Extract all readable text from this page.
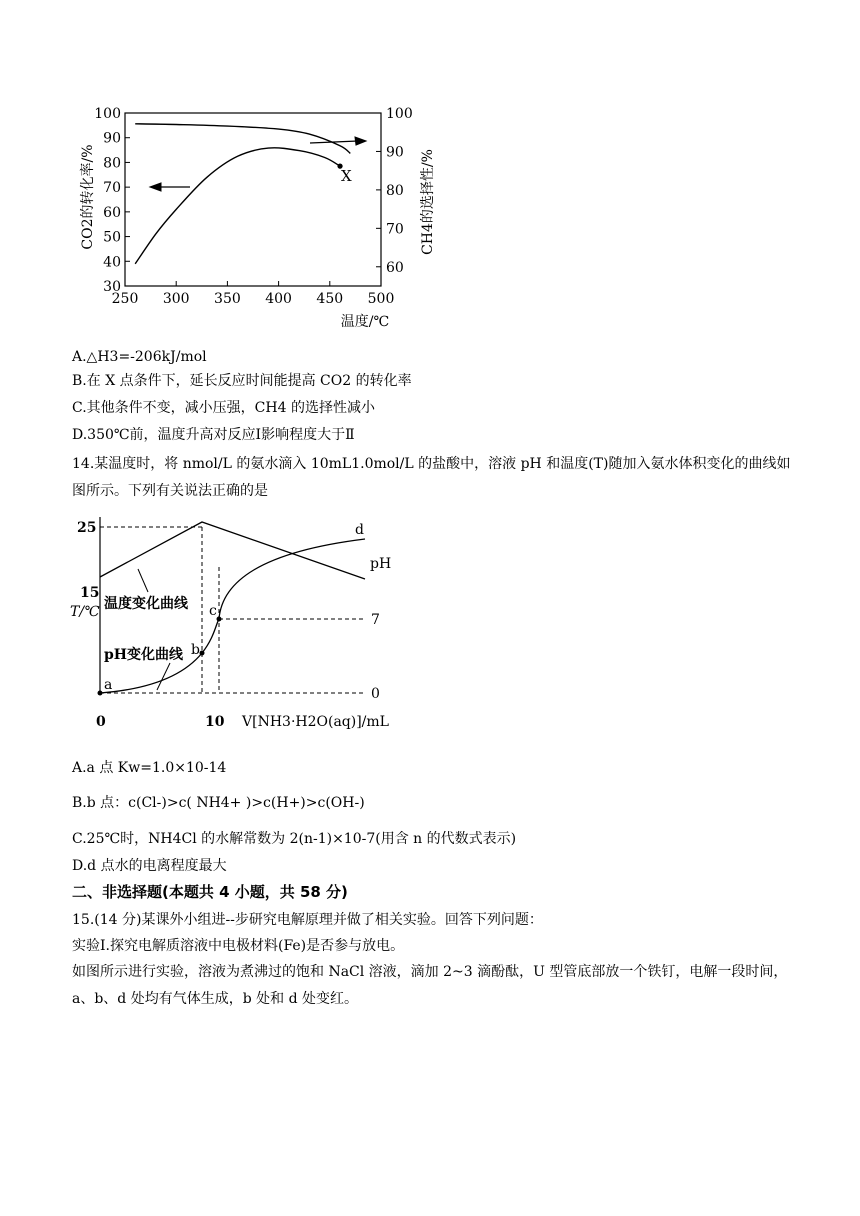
250 300 350 400 450 500
30
40
50
60
70
80
90
100
60
70
80
90
100
温度/℃
CO2的转化率/%	CH4的选择性/%
X
A.△H3=-206kJ/mol
B.在 X 点条件下，延长反应时间能提高 CO2 的转化率
C.其他条件不变，减小压强，CH4 的选择性减小
D.350℃前，温度升高对反应Ⅰ影响程度大于Ⅱ
14.某温度时，将 nmol/L 的氨水滴入 10mL1.0mol/L 的盐酸中，溶液 pH 和温度(T)随加入氨水体积变化的曲线如图所示。下列有关说法正确的是
25
15
T/℃	7
0
pH
温度变化曲线
pH变化曲线
a
b
c
d
0	10 V[NH3·H2O(aq)]/mL
A.a 点 Kw=1.0×10-14
B.b 点：c(Cl-)>c( NH4+ )>c(H+)>c(OH-)
C.25℃时，NH4Cl 的水解常数为 2(n-1)×10-7(用含 n 的代数式表示)
D.d 点水的电离程度最大
二、非选择题(本题共 4 小题，共 58 分)
15.(14 分)某课外小组进--步研究电解原理并做了相关实验。回答下列问题：
实验Ⅰ.探究电解质溶液中电极材料(Fe)是否参与放电。
如图所示进行实验，溶液为煮沸过的饱和 NaCl 溶液，滴加 2~3 滴酚酞，U 型管底部放一个铁钉，电解一段时间，a、b、d 处均有气体生成，b 处和 d 处变红。
